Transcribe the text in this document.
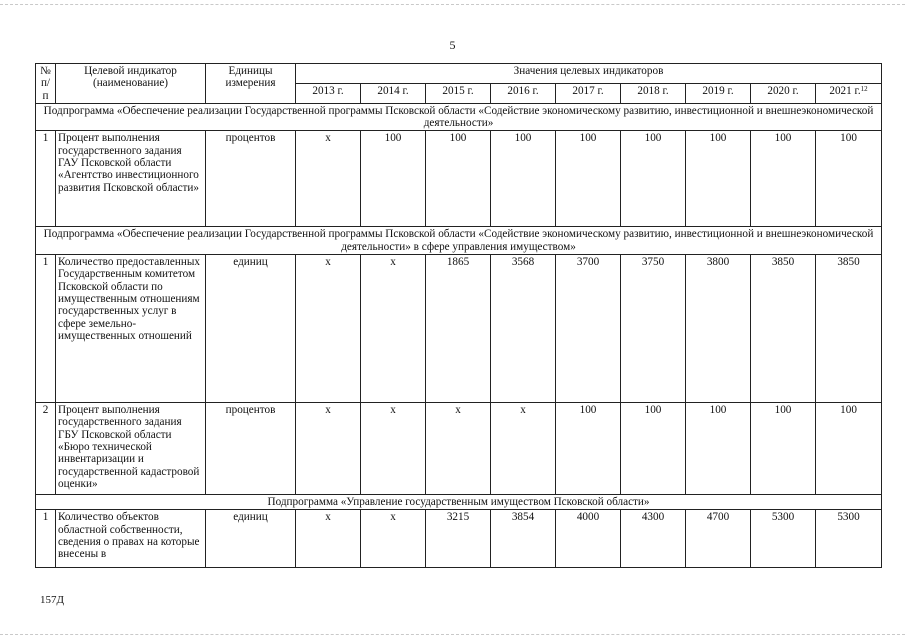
5
№ п/п	Целевой индикатор (наименование)	Единицы измерения	Значения целевых индикаторов								
			2013 г.	2014 г.	2015 г.	2016 г.	2017 г.	2018 г.	2019 г.	2020 г.	2021 г.$^{12}$
Подпрограмма «Обеспечение реализации Государственной программы Псковской области «Содействие экономическому развитию, инвестиционной и внешнеэкономической деятельности»											
1	Процент выполнения государственного задания ГАУ Псковской области «Агентство инвестиционного развития Псковской области»	процентов	x	100	100	100	100	100	100	100	100
Подпрограмма «Обеспечение реализации Государственной программы Псковской области «Содействие экономическому развитию, инвестиционной и внешнеэкономической деятельности» в сфере управления имуществом»											
1	Количество предоставленных Государственным комитетом Псковской области по имущественным отношениям государственных услуг в сфере земельно-имущественных отношений	единиц	x	x	1865	3568	3700	3750	3800	3850	3850
2	Процент выполнения государственного задания ГБУ Псковской области «Бюро технической инвентаризации и государственной кадастровой оценки»	процентов	x	x	x	x	100	100	100	100	100
Подпрограмма «Управление государственным имуществом Псковской области»											
1	Количество объектов областной собственности, сведения о правах на которые внесены в	единиц	x	x	3215	3854	4000	4300	4700	5300	5300
157Д
